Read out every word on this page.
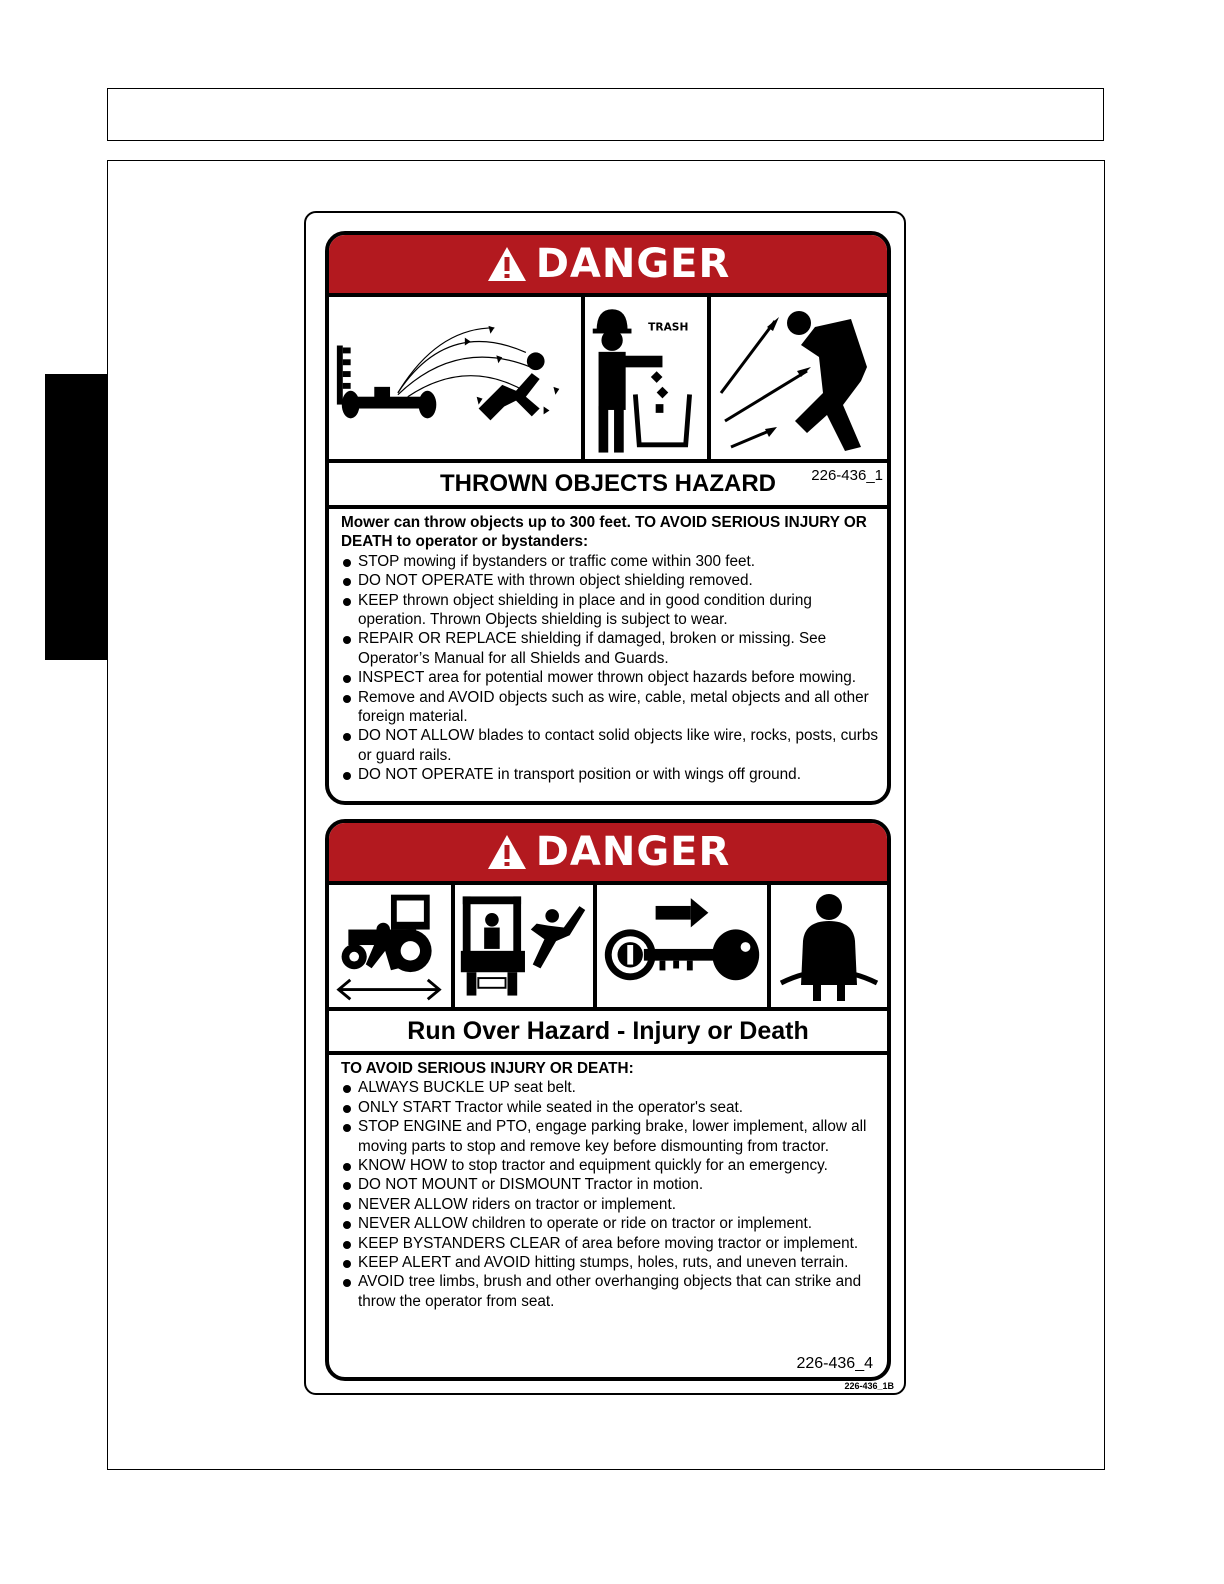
DANGER
TRASH
THROWN OBJECTS HAZARD 226-436_1
Mower can throw objects up to 300 feet. TO AVOID SERIOUS INJURY OR DEATH to operator or bystanders:
STOP mowing if bystanders or traffic come within 300 feet.
DO NOT OPERATE with thrown object shielding removed.
KEEP thrown object shielding in place and in good condition during operation. Thrown Objects shielding is subject to wear.
REPAIR OR REPLACE shielding if damaged, broken or missing. See Operator’s Manual for all Shields and Guards.
INSPECT area for potential mower thrown object hazards before mowing.
Remove and AVOID objects such as wire, cable, metal objects and all other foreign material.
DO NOT ALLOW blades to contact solid objects like wire, rocks, posts, curbs or guard rails.
DO NOT OPERATE in transport position or with wings off ground.
DANGER
Run Over Hazard - Injury or Death
TO AVOID SERIOUS INJURY OR DEATH:
ALWAYS BUCKLE UP seat belt.
ONLY START Tractor while seated in the operator's seat.
STOP ENGINE and PTO, engage parking brake, lower implement, allow all moving parts to stop and remove key before dismounting from tractor.
KNOW HOW to stop tractor and equipment quickly for an emergency.
DO NOT MOUNT or DISMOUNT Tractor in motion.
NEVER ALLOW riders on tractor or implement.
NEVER ALLOW children to operate or ride on tractor or implement.
KEEP BYSTANDERS CLEAR of area before moving tractor or implement.
KEEP ALERT and AVOID hitting stumps, holes, ruts, and uneven terrain.
AVOID tree limbs, brush and other overhanging objects that can strike and throw the operator from seat.
226-436_4
226-436_1B
